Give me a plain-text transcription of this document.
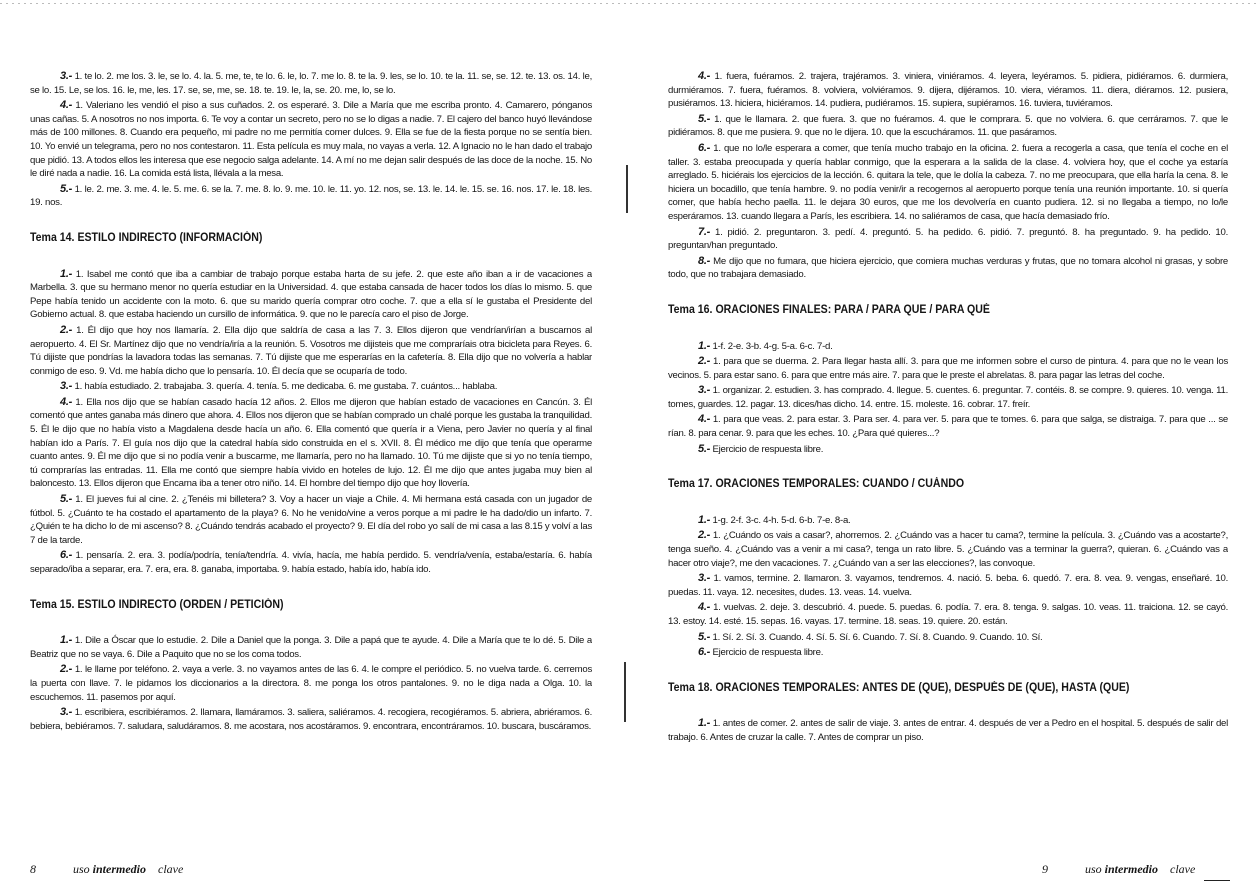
3.- 1. te lo. 2. me los. 3. le, se lo. 4. la. 5. me, te, te lo. 6. le, lo. 7. me lo. 8. te la. 9. les, se lo. 10. te la. 11. se, se. 12. te. 13. os. 14. le, se lo. 15. Le, se los. 16. le, me, les. 17. se, se, me, se. 18. te. 19. le, la, se. 20. me, lo, se lo.

4.- 1. Valeriano les vendió el piso a sus cuñados. 2. os esperaré. 3. Dile a María que me escriba pronto. 4. Camarero, pónganos unas cañas. 5. A nosotros no nos importa. 6. Te voy a contar un secreto, pero no se lo digas a nadie. 7. El cajero del banco huyó llevándose más de 100 millones. 8. Cuando era pequeño, mi padre no me permitía comer dulces. 9. Ella se fue de la fiesta porque no se sentía bien. 10. Yo envié un telegrama, pero no nos contestaron. 11. Esta película es muy mala, no vayas a verla. 12. A Ignacio no le han dado el trabajo que pidió. 13. A todos ellos les interesa que ese negocio salga adelante. 14. A mí no me dejan salir después de las doce de la noche. 15. No le diré nada a nadie. 16. La comida está lista, llévala a la mesa.

5.- 1. le. 2. me. 3. me. 4. le. 5. me. 6. se la. 7. me. 8. lo. 9. me. 10. le. 11. yo. 12. nos, se. 13. le. 14. le. 15. se. 16. nos. 17. le. 18. les. 19. nos.

Tema 14. ESTILO INDIRECTO (INFORMACIÓN)

1.- 1. Isabel me contó que iba a cambiar de trabajo porque estaba harta de su jefe. 2. que este año iban a ir de vacaciones a Marbella. 3. que su hermano menor no quería estudiar en la Universidad. 4. que estaba cansada de hacer todos los días lo mismo. 5. que Pepe había tenido un accidente con la moto. 6. que su marido quería comprar otro coche. 7. que a ella sí le gustaba el Presidente del Gobierno actual. 8. que estaba haciendo un cursillo de informática. 9. que no le parecía caro el piso de Jorge.

2.- 1. Él dijo que hoy nos llamaría. 2. Ella dijo que saldría de casa a las 7. 3. Ellos dijeron que vendrían/irían a buscarnos al aeropuerto. 4. El Sr. Martínez dijo que no vendría/iría a la reunión. 5. Vosotros me dijisteis que me compraríais otra bicicleta para Reyes. 6. Tú dijiste que pondrías la lavadora todas las semanas. 7. Tú dijiste que me esperarías en la cafetería. 8. Ella dijo que no volvería a hablar conmigo de eso. 9. Vd. me había dicho que lo pensaría. 10. Él decía que se ocuparía de todo.

3.- 1. había estudiado. 2. trabajaba. 3. quería. 4. tenía. 5. me dedicaba. 6. me gustaba. 7. cuántos... hablaba.

4.- 1. Ella nos dijo que se habían casado hacía 12 años. 2. Ellos me dijeron que habían estado de vacaciones en Cancún. 3. Él comentó que antes ganaba más dinero que ahora. 4. Ellos nos dijeron que se habían comprado un chalé porque les gustaba la tranquilidad. 5. Él le dijo que no había visto a Magdalena desde hacía un año. 6. Ella comentó que quería ir a Viena, pero Javier no quería y al final habían ido a París. 7. El guía nos dijo que la catedral había sido construida en el s. XVII. 8. Él médico me dijo que tenía que operarme cuanto antes. 9. Él me dijo que si no podía venir a buscarme, me llamaría, pero no ha llamado. 10. Tú me dijiste que si yo no tenía tiempo, tú comprarías las entradas. 11. Ella me contó que siempre había vivido en hoteles de lujo. 12. Él me dijo que antes jugaba muy bien al baloncesto. 13. Ellos dijeron que Encarna iba a tener otro niño. 14. El hombre del tiempo dijo que hoy llovería.

5.- 1. El jueves fui al cine. 2. ¿Tenéis mi billetera? 3. Voy a hacer un viaje a Chile. 4. Mi hermana está casada con un jugador de fútbol. 5. ¿Cuánto te ha costado el apartamento de la playa? 6. No he venido/vine a veros porque a mi padre le ha dado/dio un infarto. 7. ¿Quién te ha dicho lo de mi ascenso? 8. ¿Cuándo tendrás acabado el proyecto? 9. El día del robo yo salí de mi casa a las 8.15 y volví a las 7 de la tarde.

6.- 1. pensaría. 2. era. 3. podía/podría, tenía/tendría. 4. vivía, hacía, me había perdido. 5. vendría/venía, estaba/estaría. 6. había separado/iba a separar, era. 7. era, era. 8. ganaba, importaba. 9. había estado, había ido, había ido.

Tema 15. ESTILO INDIRECTO (ORDEN / PETICIÓN)

1.- 1. Dile a Óscar que lo estudie. 2. Dile a Daniel que la ponga. 3. Dile a papá que te ayude. 4. Dile a María que te lo dé. 5. Dile a Beatriz que no se vaya. 6. Dile a Paquito que no se los coma todos.

2.- 1. le llame por teléfono. 2. vaya a verle. 3. no vayamos antes de las 6. 4. le compre el periódico. 5. no vuelva tarde. 6. cerremos la puerta con llave. 7. le pidamos los diccionarios a la directora. 8. me ponga los otros pantalones. 9. no le diga nada a Olga. 10. la escuchemos. 11. pasemos por aquí.

3.- 1. escribiera, escribiéramos. 2. llamara, llamáramos. 3. saliera, saliéramos. 4. recogiera, recogiéramos. 5. abriera, abriéramos. 6. bebiera, bebiéramos. 7. saludara, saludáramos. 8. me acostara, nos acostáramos. 9. encontrara, encontráramos. 10. buscara, buscáramos.

8	uso intermedio clave

4.- 1. fuera, fuéramos. 2. trajera, trajéramos. 3. viniera, viniéramos. 4. leyera, leyéramos. 5. pidiera, pidiéramos. 6. durmiera, durmiéramos. 7. fuera, fuéramos. 8. volviera, volviéramos. 9. dijera, dijéramos. 10. viera, viéramos. 11. diera, diéramos. 12. pusiera, pusiéramos. 13. hiciera, hiciéramos. 14. pudiera, pudiéramos. 15. supiera, supiéramos. 16. tuviera, tuviéramos.

5.- 1. que le llamara. 2. que fuera. 3. que no fuéramos. 4. que le comprara. 5. que no volviera. 6. que cerráramos. 7. que le pidiéramos. 8. que me pusiera. 9. que no le dijera. 10. que la escucháramos. 11. que pasáramos.

6.- 1. que no lo/le esperara a comer, que tenía mucho trabajo en la oficina. 2. fuera a recogerla a casa, que tenía el coche en el taller. 3. estaba preocupada y quería hablar conmigo, que la esperara a la salida de la clase. 4. volviera hoy, que el coche ya estaría arreglado. 5. hiciérais los ejercicios de la lección. 6. quitara la tele, que le dolía la cabeza. 7. no me preocupara, que ella haría la cena. 8. le hiciera un bocadillo, que tenía hambre. 9. no podía venir/ir a recogernos al aeropuerto porque tenía una reunión importante. 10. si quería comer, que había hecho paella. 11. le dejara 30 euros, que me los devolvería en cuanto pudiera. 12. si no llegaba a tiempo, no lo/le esperáramos. 13. cuando llegara a París, les escribiera. 14. no saliéramos de casa, que hacía demasiado frío.

7.- 1. pidió. 2. preguntaron. 3. pedí. 4. preguntó. 5. ha pedido. 6. pidió. 7. preguntó. 8. ha preguntado. 9. ha pedido. 10. preguntan/han preguntado.

8.- Me dijo que no fumara, que hiciera ejercicio, que comiera muchas verduras y frutas, que no tomara alcohol ni grasas, y sobre todo, que no trabajara demasiado.

Tema 16. ORACIONES FINALES: PARA / PARA QUE / PARA QUÉ

1.- 1-f. 2-e. 3-b. 4-g. 5-a. 6-c. 7-d.

2.- 1. para que se duerma. 2. Para llegar hasta allí. 3. para que me informen sobre el curso de pintura. 4. para que no le vean los vecinos. 5. para estar sano. 6. para que entre más aire. 7. para que le preste el abrelatas. 8. para pagar las letras del coche.

3.- 1. organizar. 2. estudien. 3. has comprado. 4. llegue. 5. cuentes. 6. preguntar. 7. contéis. 8. se compre. 9. quieres. 10. venga. 11. tomes, guardes. 12. pagar. 13. dices/has dicho. 14. entre. 15. moleste. 16. cobrar. 17. freír.

4.- 1. para que veas. 2. para estar. 3. Para ser. 4. para ver. 5. para que te tomes. 6. para que salga, se distraiga. 7. para que ... se rían. 8. para cenar. 9. para que les eches. 10. ¿Para qué quieres...?

5.- Ejercicio de respuesta libre.

Tema 17. ORACIONES TEMPORALES: CUANDO / CUÁNDO

1.- 1-g. 2-f. 3-c. 4-h. 5-d. 6-b. 7-e. 8-a.

2.- 1. ¿Cuándo os vais a casar?, ahorremos. 2. ¿Cuándo vas a hacer tu cama?, termine la película. 3. ¿Cuándo vas a acostarte?, tenga sueño. 4. ¿Cuándo vas a venir a mi casa?, tenga un rato libre. 5. ¿Cuándo vas a terminar la guerra?, quieran. 6. ¿Cuándo vas a hacer otro viaje?, me den vacaciones. 7. ¿Cuándo van a ser las elecciones?, las convoque.

3.- 1. vamos, termine. 2. llamaron. 3. vayamos, tendremos. 4. nació. 5. beba. 6. quedó. 7. era. 8. vea. 9. vengas, enseñaré. 10. puedas. 11. vaya. 12. necesites, dudes. 13. veas. 14. vuelva.

4.- 1. vuelvas. 2. deje. 3. descubrió. 4. puede. 5. puedas. 6. podía. 7. era. 8. tenga. 9. salgas. 10. veas. 11. traiciona. 12. se cayó. 13. estoy. 14. esté. 15. sepas. 16. vayas. 17. termine. 18. seas. 19. quiere. 20. están.

5.- 1. Sí. 2. Sí. 3. Cuando. 4. Sí. 5. Sí. 6. Cuando. 7. Sí. 8. Cuando. 9. Cuando. 10. Sí.

6.- Ejercicio de respuesta libre.

Tema 18. ORACIONES TEMPORALES: ANTES DE (QUE), DESPUÉS DE (QUE), HASTA (QUE)

1.- 1. antes de comer. 2. antes de salir de viaje. 3. antes de entrar. 4. después de ver a Pedro en el hospital. 5. después de salir del trabajo. 6. Antes de cruzar la calle. 7. Antes de comprar un piso.

9	uso intermedio clave
